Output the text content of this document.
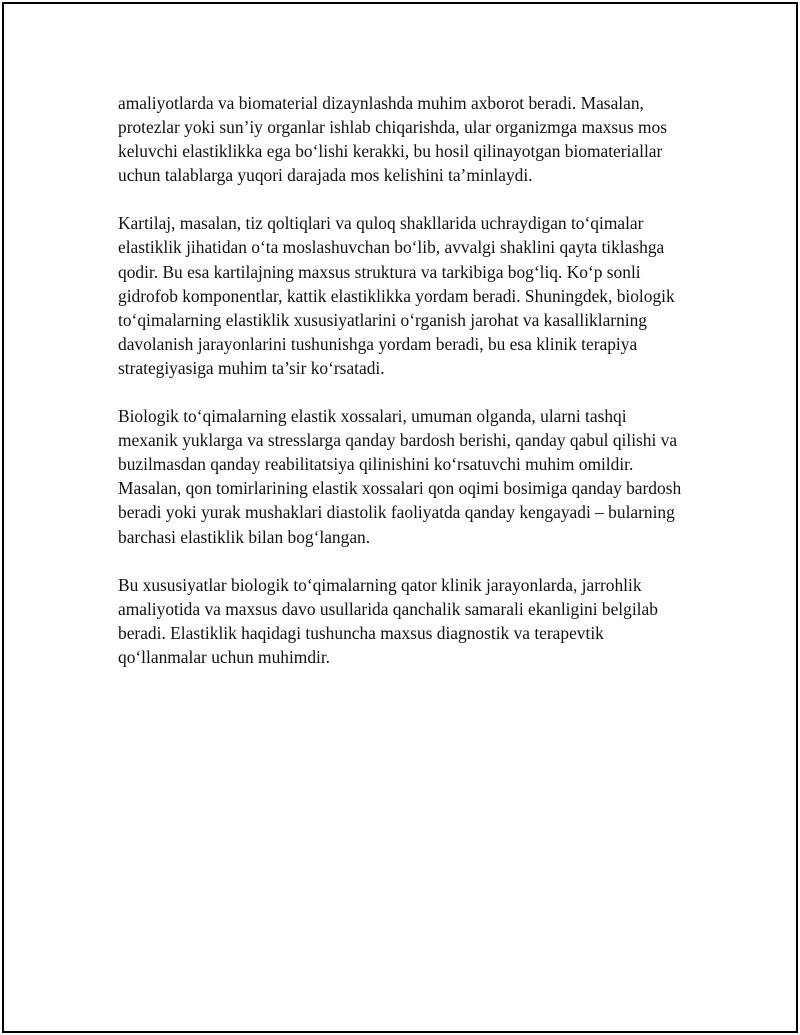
amaliyotlarda va biomaterial dizaynlashda muhim axborot beradi. Masalan, protezlar yoki sun’iy organlar ishlab chiqarishda, ular organizmga maxsus mos keluvchi elastiklikka ega bo‘lishi kerakki, bu hosil qilinayotgan biomateriallar uchun talablarga yuqori darajada mos kelishini ta’minlaydi.

Kartilaj, masalan, tiz qoltiqlari va quloq shakllarida uchraydigan to‘qimalar elastiklik jihatidan o‘ta moslashuvchan bo‘lib, avvalgi shaklini qayta tiklashga qodir. Bu esa kartilajning maxsus struktura va tarkibiga bog‘liq. Ko‘p sonli gidrofob komponentlar, kattik elastiklikka yordam beradi. Shuningdek, biologik to‘qimalarning elastiklik xususiyatlarini o‘rganish jarohat va kasalliklarning davolanish jarayonlarini tushunishga yordam beradi, bu esa klinik terapiya strategiyasiga muhim ta’sir ko‘rsatadi.

Biologik to‘qimalarning elastik xossalari, umuman olganda, ularni tashqi mexanik yuklarga va stresslarga qanday bardosh berishi, qanday qabul qilishi va buzilmasdan qanday reabilitatsiya qilinishini ko‘rsatuvchi muhim omildir. Masalan, qon tomirlarining elastik xossalari qon oqimi bosimiga qanday bardosh beradi yoki yurak mushaklari diastolik faoliyatda qanday kengayadi – bularning barchasi elastiklik bilan bog‘langan.

Bu xususiyatlar biologik to‘qimalarning qator klinik jarayonlarda, jarrohlik amaliyotida va maxsus davo usullarida qanchalik samarali ekanligini belgilab beradi. Elastiklik haqidagi tushuncha maxsus diagnostik va terapevtik qo‘llanmalar uchun muhimdir.
